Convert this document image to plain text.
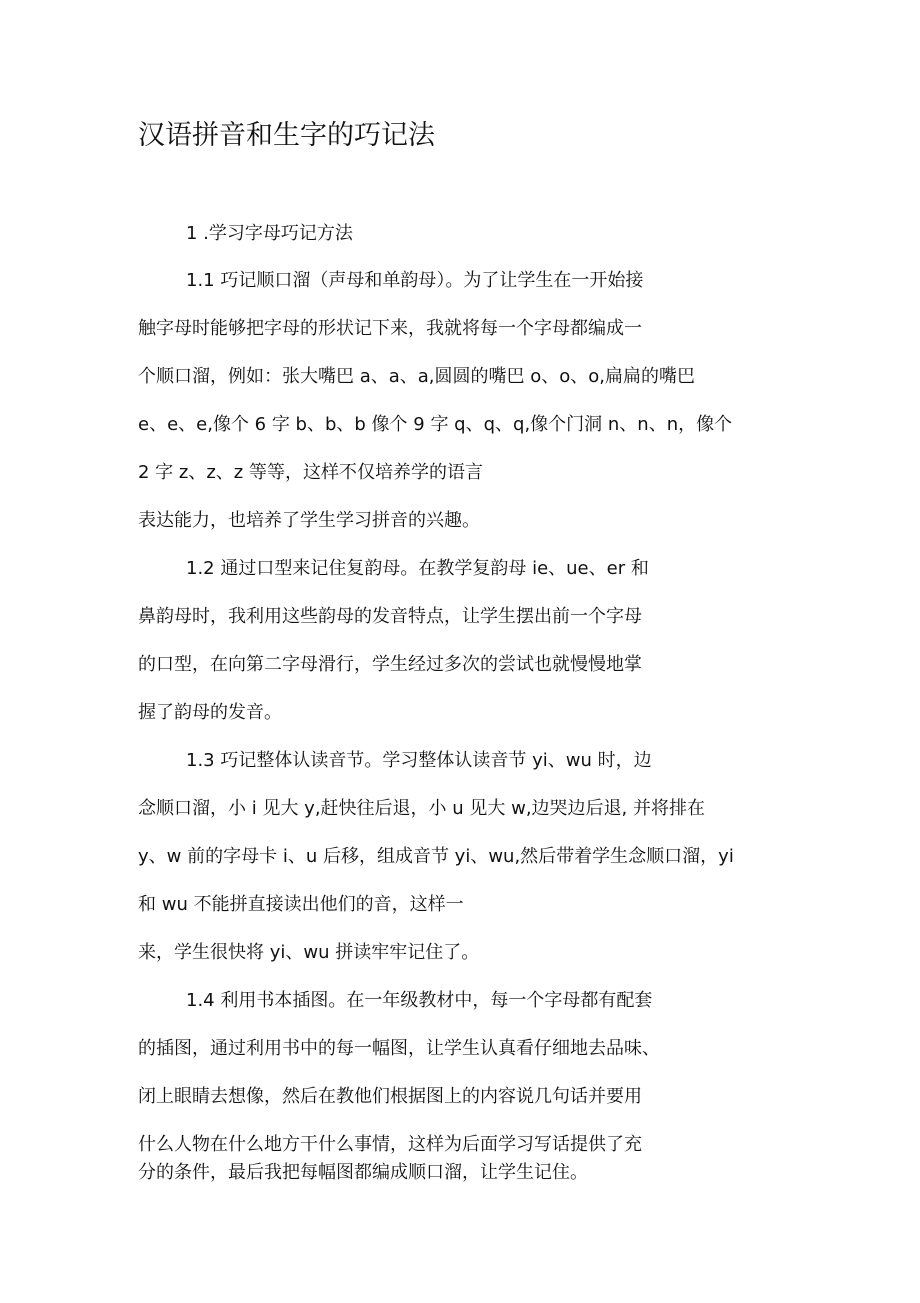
汉语拼音和生字的巧记法
1 .学习字母巧记方法
1.1 巧记顺口溜（声母和单韵母）。为了让学生在一开始接
触字母时能够把字母的形状记下来，我就将每一个字母都编成一
个顺口溜，例如：张大嘴巴 a、a、a,圆圆的嘴巴 o、o、o,扁扁的嘴巴
e、e、e,像个 6 字 b、b、b 像个 9 字 q、q、q,像个门洞 n、n、n，像个
2 字 z、z、z 等等，这样不仅培养学的语言
表达能力，也培养了学生学习拼音的兴趣。
1.2 通过口型来记住复韵母。在教学复韵母 ie、ue、er 和
鼻韵母时，我利用这些韵母的发音特点，让学生摆出前一个字母
的口型，在向第二字母滑行，学生经过多次的尝试也就慢慢地掌
握了韵母的发音。
1.3 巧记整体认读音节。学习整体认读音节 yi、wu 时，边
念顺口溜，小 i 见大 y,赶快往后退，小 u 见大 w,边哭边后退, 并将排在
y、w 前的字母卡 i、u 后移，组成音节 yi、wu,然后带着学生念顺口溜，yi
和 wu 不能拼直接读出他们的音，这样一
来，学生很快将 yi、wu 拼读牢牢记住了。
1.4 利用书本插图。在一年级教材中，每一个字母都有配套
的插图，通过利用书中的每一幅图，让学生认真看仔细地去品味、
闭上眼睛去想像，然后在教他们根据图上的内容说几句话并要用
什么人物在什么地方干什么事情，这样为后面学习写话提供了充
分的条件，最后我把每幅图都编成顺口溜，让学生记住。
